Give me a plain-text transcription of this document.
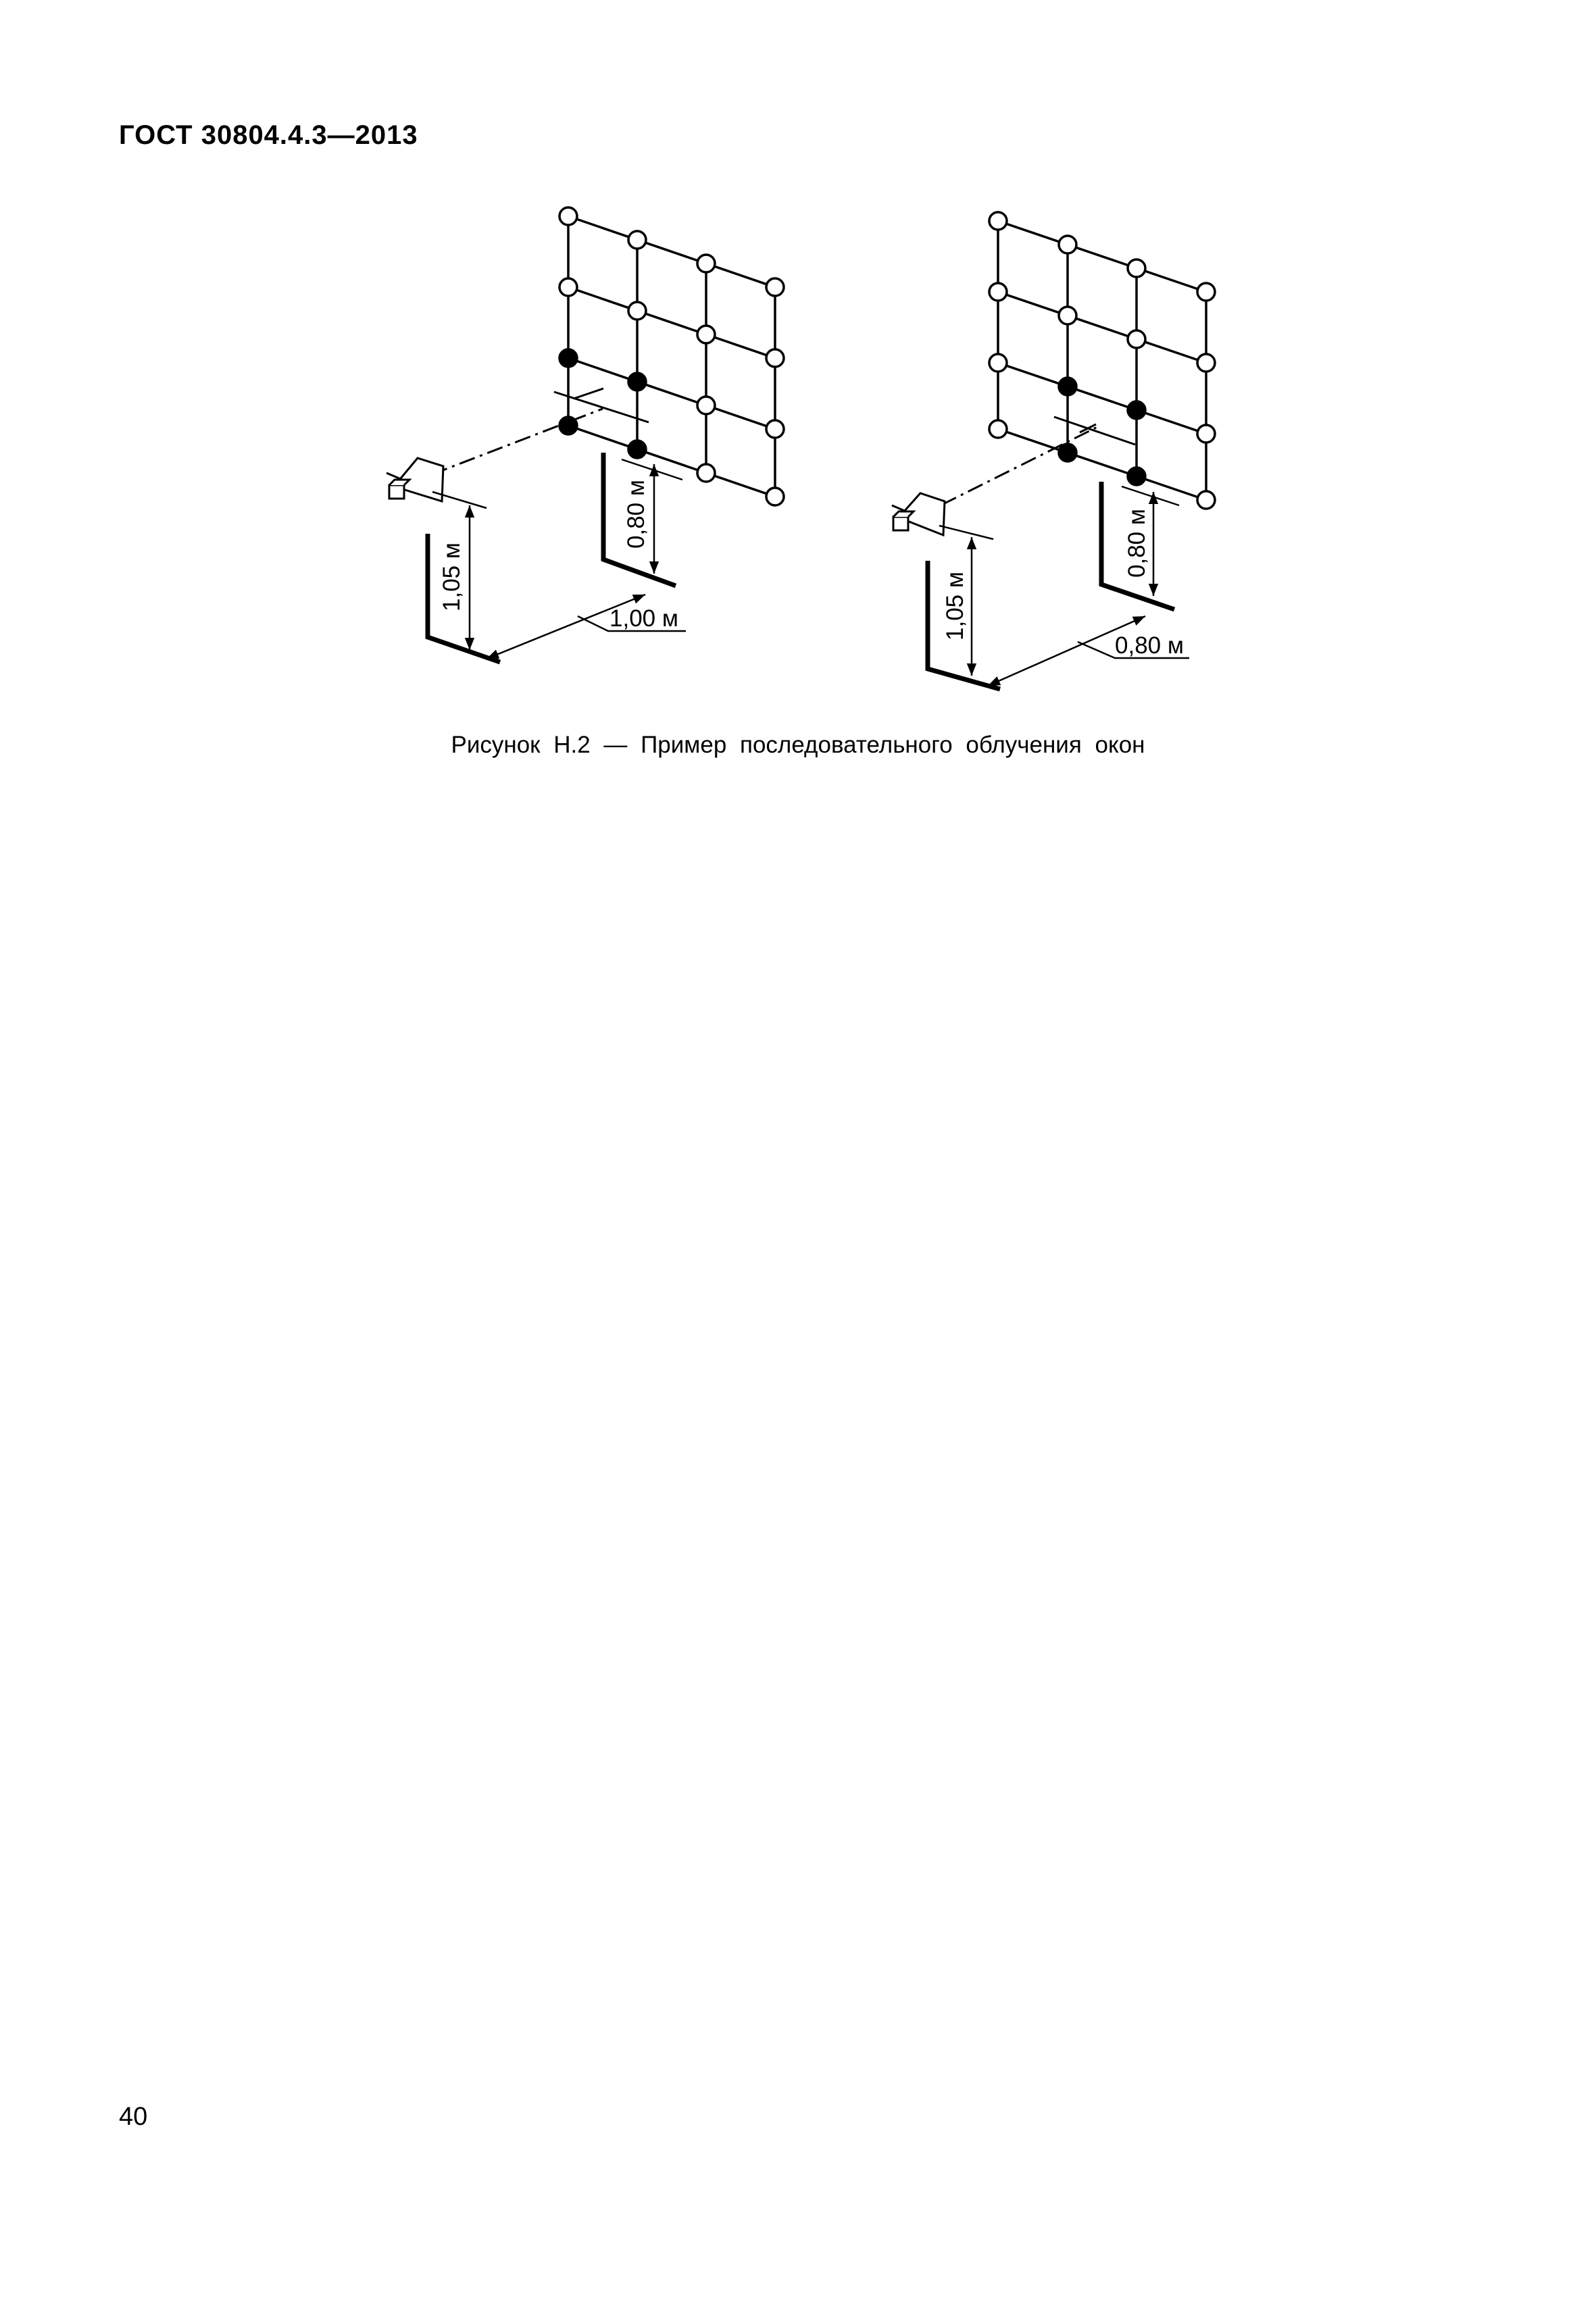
ГОСТ 30804.4.3—2013
1,05 м
0,80 м
1,00 м	1,05 м
0,80 м
0,80 м
Рисунок Н.2 — Пример последовательного облучения окон
40
